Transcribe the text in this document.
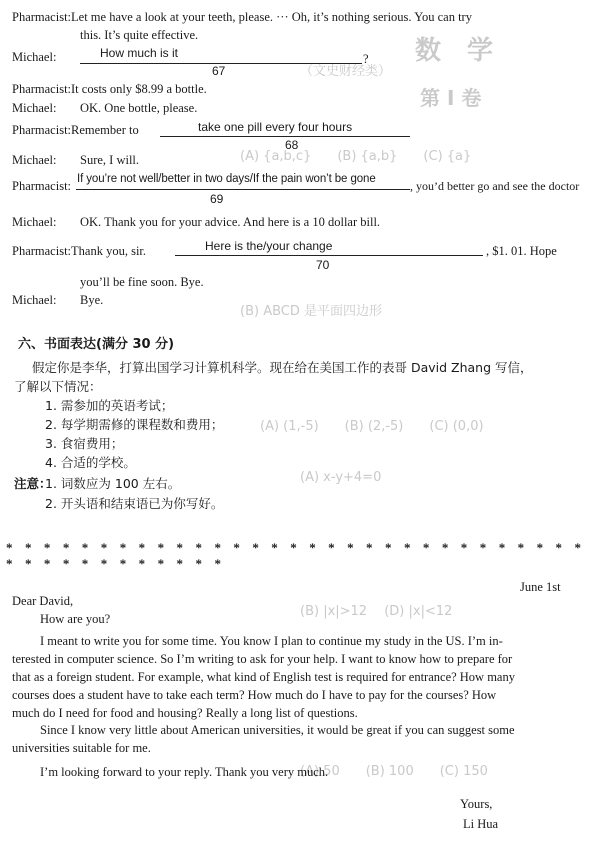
数　学
（文史财经类）
第 I 卷
(A) {a,b,c}　　(B) {a,b}　　(C) {a}
(B) ABCD 是平面四边形
(A) (1,-5)　　(B) (2,-5)　　(C) (0,0)
(A) x-y+4=0
(B) |x|>12 　(D) |x|<12
(A) 50　　(B) 100　　(C) 150
Pharmacist:Let me have a look at your teeth, please. ··· Oh, it’s nothing serious. You can try
this. It’s quite effective.
Michael:	How much is it	?
67
Pharmacist:It costs only $8.99 a bottle.
Michael: OK. One bottle, please.
Pharmacist:Remember to	take one pill every four hours
68
Michael: Sure, I will.
Pharmacist: If you’re not well/better in two days/If the pain won’t be gone	, you’d better go and see the doctor
69
Michael: OK. Thank you for your advice. And here is a 10 dollar bill.
Pharmacist:Thank you, sir.	Here is the/your change	, $1. 01. Hope
70
you’ll be fine soon. Bye.
Michael: Bye.
六、书面表达(满分 30 分)
假定你是李华，打算出国学习计算机科学。现在给在美国工作的表哥 David Zhang 写信，
了解以下情况：
1. 需参加的英语考试；
2. 每学期需修的课程数和费用；
3. 食宿费用；
4. 合适的学校。
注意：
1. 词数应为 100 左右。
2. 开头语和结束语已为你写好。
* * * * * * * * * * * * * * * * * * * * * * * * * * * * * * * * * * * * * * * * * * *
June 1st
Dear David,
How are you?
I meant to write you for some time. You know I plan to continue my study in the US. I’m in-
terested in computer science. So I’m writing to ask for your help. I want to know how to prepare for
that as a foreign student. For example, what kind of English test is required for entrance? How many
courses does a student have to take each term? How much do I have to pay for the courses? How
much do I need for food and housing? Really a long list of questions.
Since I know very little about American universities, it would be great if you can suggest some
universities suitable for me.
I’m looking forward to your reply. Thank you very much.
Yours,
Li Hua
